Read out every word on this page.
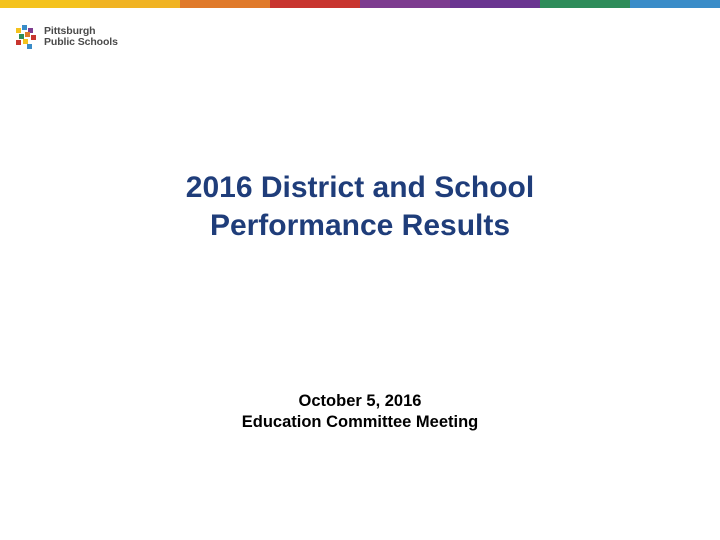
Pittsburgh
Public Schools
2016 District and School
Performance Results
October 5, 2016
Education Committee Meeting
